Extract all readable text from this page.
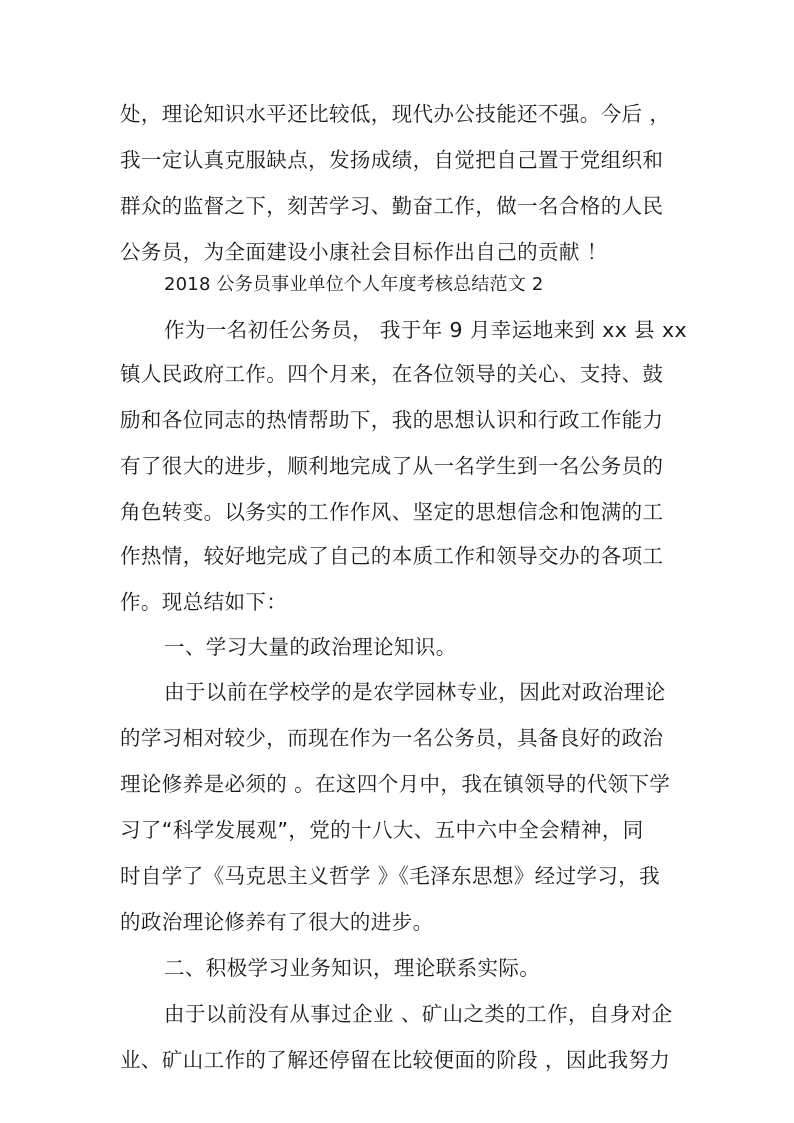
处，理论知识水平还比较低，现代办公技能还不强。今后 ，

我一定认真克服缺点，发扬成绩，自觉把自己置于党组织和

群众的监督之下，刻苦学习、勤奋工作，做一名合格的人民

公务员，为全面建设小康社会目标作出自己的贡献 ！

2018 公务员事业单位个人年度考核总结范文 2

作为一名初任公务员， 我于年 9 月幸运地来到 xx 县 xx

镇人民政府工作。四个月来，在各位领导的关心、支持、鼓

励和各位同志的热情帮助下，我的思想认识和行政工作能力

有了很大的进步，顺利地完成了从一名学生到一名公务员的

角色转变。以务实的工作作风、坚定的思想信念和饱满的工

作热情，较好地完成了自己的本质工作和领导交办的各项工

作。现总结如下：

一、学习大量的政治理论知识。

由于以前在学校学的是农学园林专业，因此对政治理论

的学习相对较少，而现在作为一名公务员，具备良好的政治

理论修养是必须的 。在这四个月中，我在镇领导的代领下学

习了“科学发展观”，党的十八大、五中六中全会精神，同

时自学了《马克思主义哲学 》《毛泽东思想》经过学习，我

的政治理论修养有了很大的进步。

二、积极学习业务知识，理论联系实际。

由于以前没有从事过企业 、矿山之类的工作，自身对企

业、矿山工作的了解还停留在比较便面的阶段 ，因此我努力
